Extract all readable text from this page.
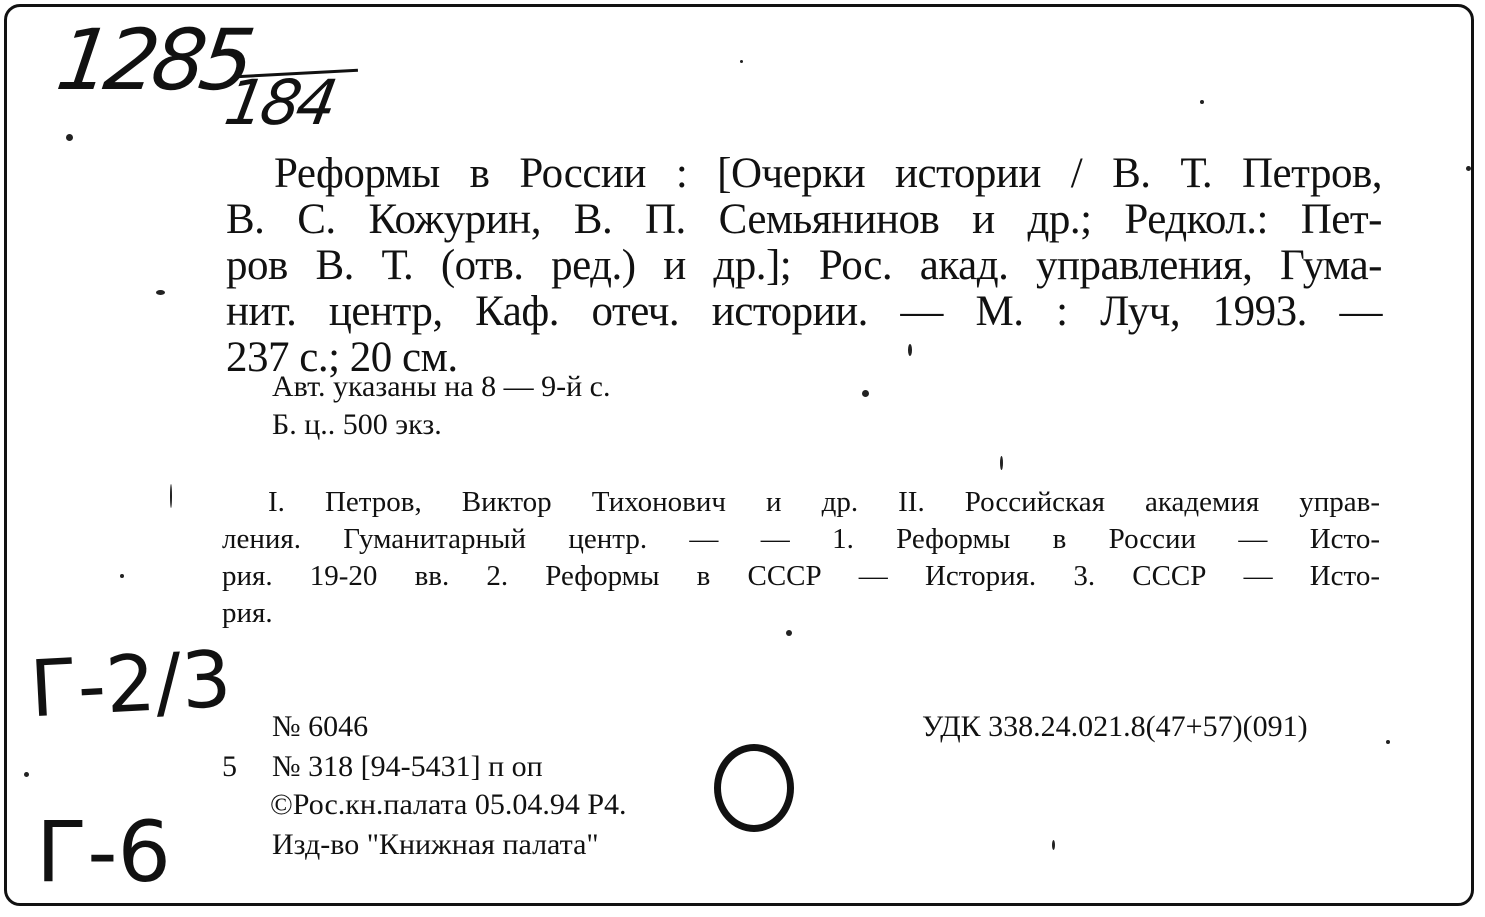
1285
184
Реформы в России : [Очерки истории / В. Т. Петров,
В. С. Кожурин, В. П. Семьянинов и др.; Редкол.: Пет-
ров В. Т. (отв. ред.) и др.]; Рос. акад. управления, Гума-
нит. центр, Каф. отеч. истории. — М. : Луч, 1993. —
237 с.; 20 см.
Авт. указаны на 8 — 9-й с.
Б. ц.. 500 экз.
I. Петров, Виктор Тихонович и др. II. Российская академия управ-
ления. Гуманитарный центр. — — 1. Реформы в России — Исто-
рия. 19-20 вв. 2. Реформы в СССР — История. 3. СССР — Исто-
рия.
Г-2/3
Г-6
№ 6046	УДК 338.24.021.8(47+57)(091)
5 № 318 [94-5431] п оп
©Рос.кн.палата 05.04.94 Р4.
Изд-во "Книжная палата"
